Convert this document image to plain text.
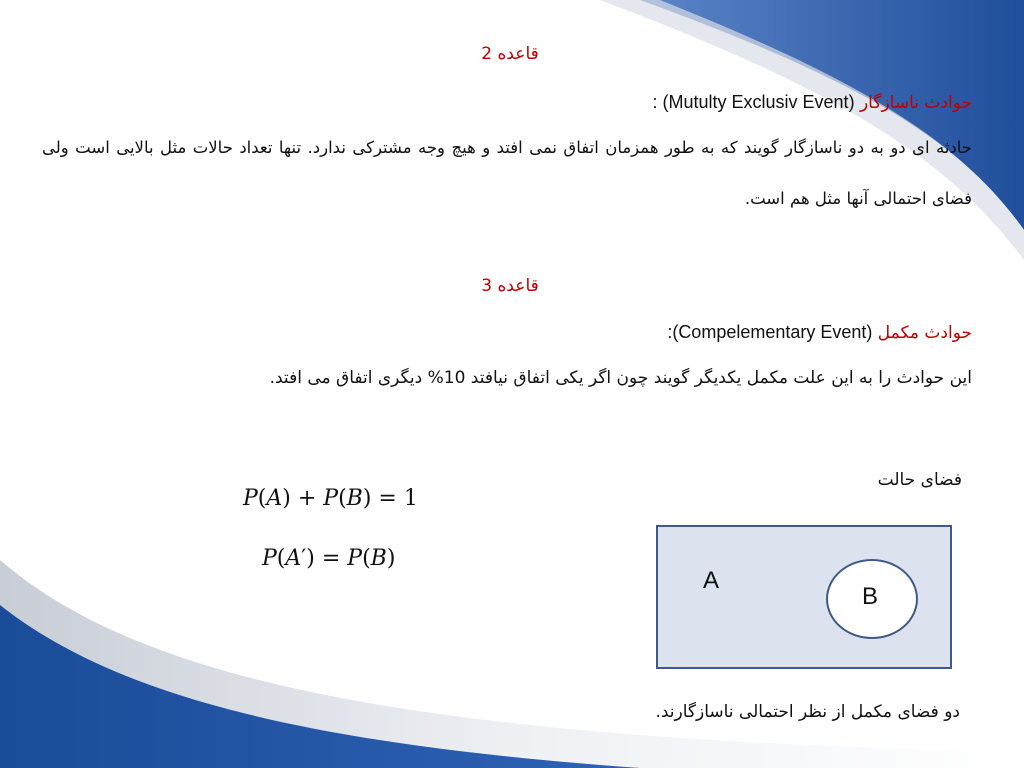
قاعده 2
حوادث ناسازگار (Mutulty Exclusiv Event) :
حادثه ای دو به دو ناسازگار گویند که به طور همزمان اتفاق نمی افتد و هیچ وجه مشترکی ندارد. تنها تعداد حالات مثل بالایی است ولی فضای احتمالی آنها مثل هم است.
قاعده 3
حوادث مکمل (Compelementary Event):
این حوادث را به این علت مکمل یکدیگر گویند چون اگر یکی اتفاق نیافتد 10% دیگری اتفاق می افتد.
𝑃(𝐴) + 𝑃(𝐵) = 1
𝑃(𝐴′) = 𝑃(𝐵)
فضای حالت
A
B
دو فضای مکمل از نظر احتمالی ناسازگارند.
